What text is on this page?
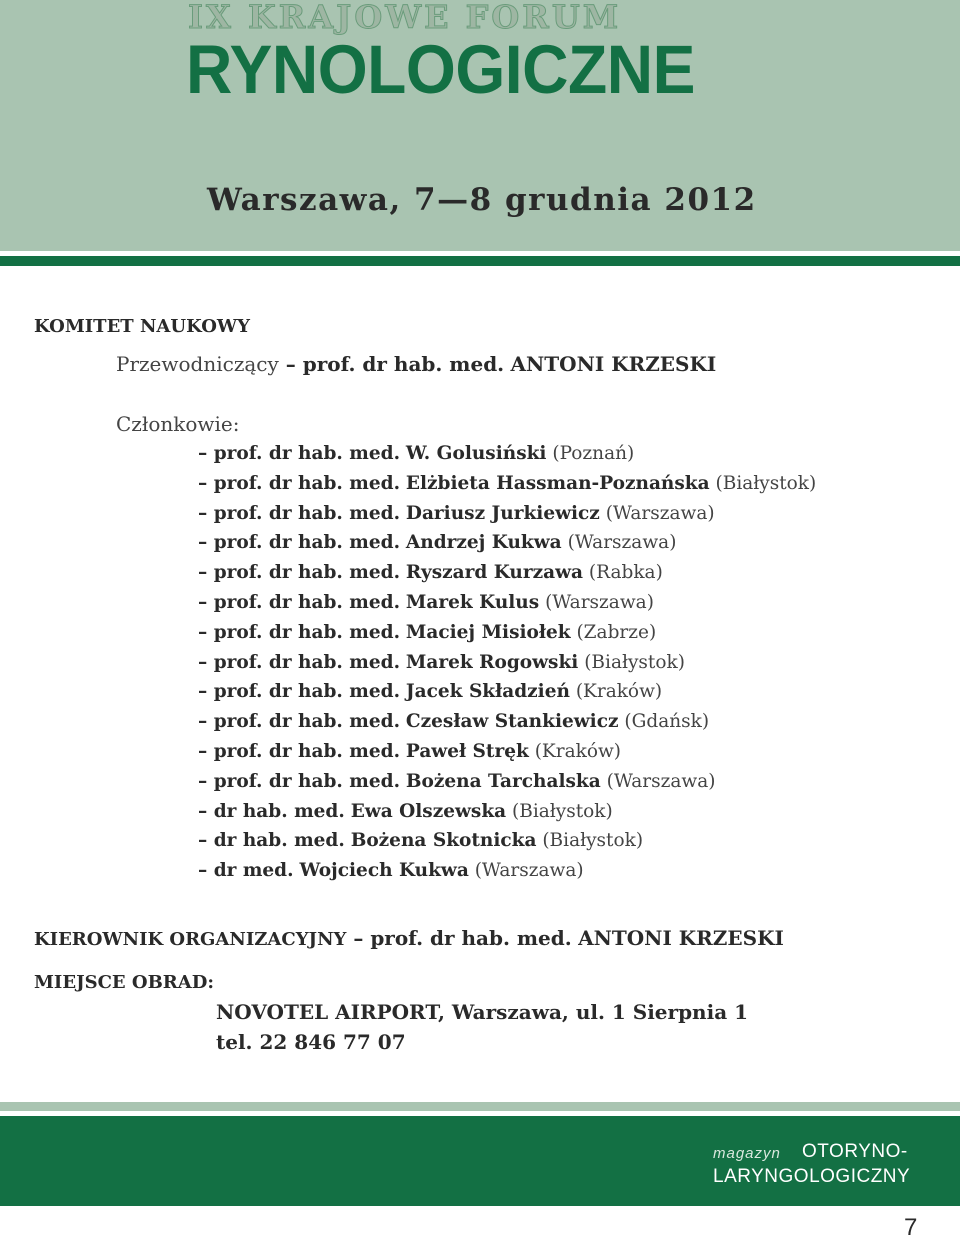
IX KRAJOWE FORUM
RYNOLOGICZNE
Warszawa, 7—8 grudnia 2012
KOMITET NAUKOWY
Przewodniczący – prof. dr hab. med. ANTONI KRZESKI
Członkowie:
– prof. dr hab. med. W. Golusiński (Poznań)
– prof. dr hab. med. Elżbieta Hassman-Poznańska (Białystok)
– prof. dr hab. med. Dariusz Jurkiewicz (Warszawa)
– prof. dr hab. med. Andrzej Kukwa (Warszawa)
– prof. dr hab. med. Ryszard Kurzawa (Rabka)
– prof. dr hab. med. Marek Kulus (Warszawa)
– prof. dr hab. med. Maciej Misiołek (Zabrze)
– prof. dr hab. med. Marek Rogowski (Białystok)
– prof. dr hab. med. Jacek Składzień (Kraków)
– prof. dr hab. med. Czesław Stankiewicz (Gdańsk)
– prof. dr hab. med. Paweł Stręk (Kraków)
– prof. dr hab. med. Bożena Tarchalska (Warszawa)
– dr hab. med. Ewa Olszewska (Białystok)
– dr hab. med. Bożena Skotnicka (Białystok)
– dr med. Wojciech Kukwa (Warszawa)
KIEROWNIK ORGANIZACYJNY – prof. dr hab. med. ANTONI KRZESKI
MIEJSCE OBRAD:
NOVOTEL AIRPORT, Warszawa, ul. 1 Sierpnia 1
tel. 22 846 77 07
magazyn OTORYNO-
LARYNGOLOGICZNY
7
